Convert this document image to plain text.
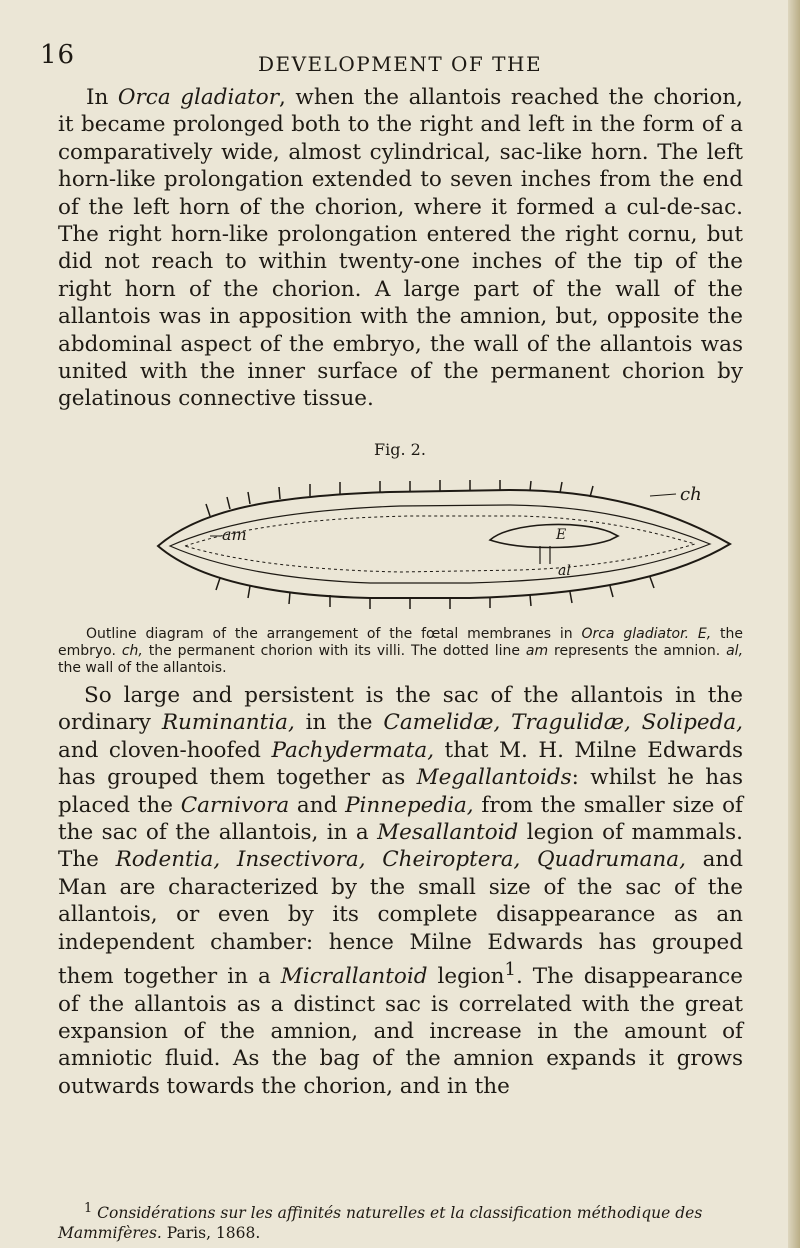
16	DEVELOPMENT OF THE

In Orca gladiator, when the allantois reached the chorion, it became prolonged both to the right and left in the form of a comparatively wide, almost cylindrical, sac-like horn. The left horn-like prolongation extended to seven inches from the end of the left horn of the chorion, where it formed a cul-de-sac. The right horn-like prolongation entered the right cornu, but did not reach to within twenty-one inches of the tip of the right horn of the chorion. A large part of the wall of the allantois was in apposition with the amnion, but, opposite the abdominal aspect of the embryo, the wall of the allantois was united with the inner surface of the permanent chorion by gelatinous connective tissue.

Fig. 2.
ch
am	E
al

Outline diagram of the arrangement of the fœtal membranes in Orca gladiator. E, the embryo. ch, the permanent chorion with its villi. The dotted line am represents the amnion. al, the wall of the allantois.

So large and persistent is the sac of the allantois in the ordinary Ruminantia, in the Camelidæ, Tragulidæ, Solipeda, and cloven-hoofed Pachydermata, that M. H. Milne Edwards has grouped them together as Megallantoids: whilst he has placed the Carnivora and Pinnepedia, from the smaller size of the sac of the allantois, in a Mesallantoid legion of mammals. The Rodentia, Insectivora, Cheiroptera, Quadrumana, and Man are characterized by the small size of the sac of the allantois, or even by its complete disappearance as an independent chamber: hence Milne Edwards has grouped them together in a Micrallantoid legion$^1$. The disappearance of the allantois as a distinct sac is correlated with the great expansion of the amnion, and increase in the amount of amniotic fluid. As the bag of the amnion expands it grows outwards towards the chorion, and in the

$^1$ Considérations sur les affinités naturelles et la classification méthodique des Mammifères. Paris, 1868.
